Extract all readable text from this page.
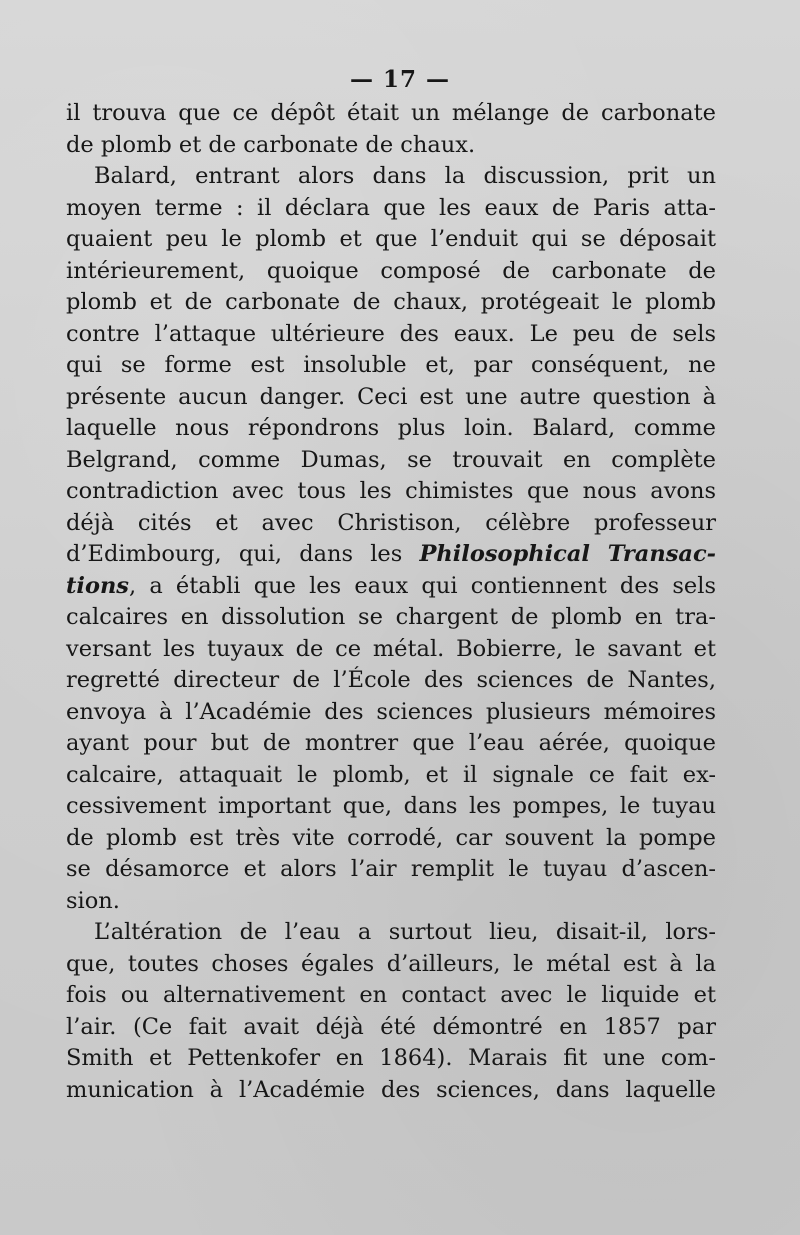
— 17 —
il trouva que ce dépôt était un mélange de carbonate
de plomb et de carbonate de chaux.
Balard, entrant alors dans la discussion, prit un
moyen terme : il déclara que les eaux de Paris atta-
quaient peu le plomb et que l’enduit qui se déposait
intérieurement, quoique composé de carbonate de
plomb et de carbonate de chaux, protégeait le plomb
contre l’attaque ultérieure des eaux. Le peu de sels
qui se forme est insoluble et, par conséquent, ne
présente aucun danger. Ceci est une autre question à
laquelle nous répondrons plus loin. Balard, comme
Belgrand, comme Dumas, se trouvait en complète
contradiction avec tous les chimistes que nous avons
déjà cités et avec Christison, célèbre professeur
d’Edimbourg, qui, dans les Philosophical Transac-
tions, a établi que les eaux qui contiennent des sels
calcaires en dissolution se chargent de plomb en tra-
versant les tuyaux de ce métal. Bobierre, le savant et
regretté directeur de l’École des sciences de Nantes,
envoya à l’Académie des sciences plusieurs mémoires
ayant pour but de montrer que l’eau aérée, quoique
calcaire, attaquait le plomb, et il signale ce fait ex-
cessivement important que, dans les pompes, le tuyau
de plomb est très vite corrodé, car souvent la pompe
se désamorce et alors l’air remplit le tuyau d’ascen-
sion.
L’altération de l’eau a surtout lieu, disait-il, lors-
que, toutes choses égales d’ailleurs, le métal est à la
fois ou alternativement en contact avec le liquide et
l’air. (Ce fait avait déjà été démontré en 1857 par
Smith et Pettenkofer en 1864). Marais fit une com-
munication à l’Académie des sciences, dans laquelle
